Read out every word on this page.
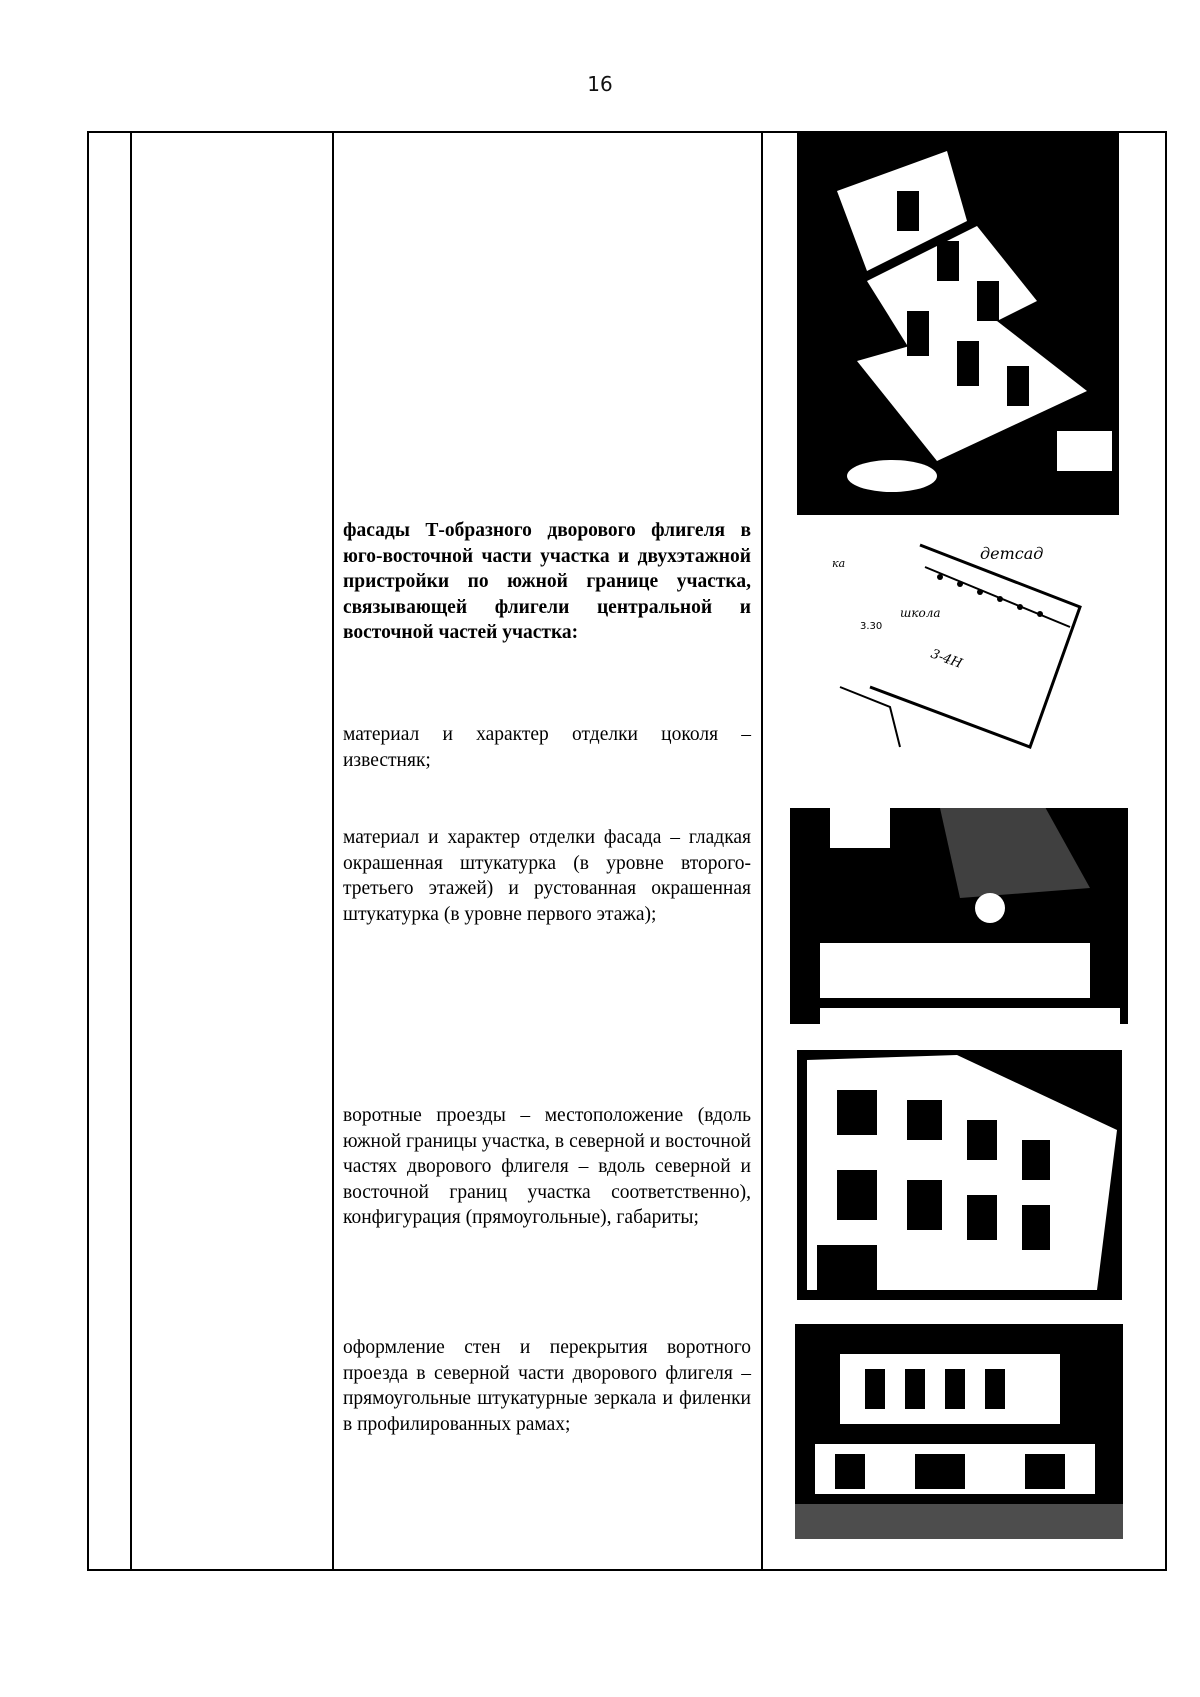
16

фасады Т-образного дворового флигеля в юго-восточной части участка и двухэтажной пристройки по южной границе участка, связывающей флигели центральной и восточной частей участка:

материал и характер отделки цоколя – известняк;

материал и характер отделки фасада – гладкая окрашенная штукатурка (в уровне второго-третьего этажей) и рустованная окрашенная штукатурка (в уровне первого этажа);

воротные проезды – местоположение (вдоль южной границы участка, в северной и восточной частях дворового флигеля – вдоль северной и восточной границ участка соответственно), конфигурация (прямоугольные), габариты;

оформление стен и перекрытия воротного проезда в северной части дворового флигеля – прямоугольные штукатурные зеркала и филенки в профилированных рамах;

детсад
школа
3-4Н
3.30
ка
